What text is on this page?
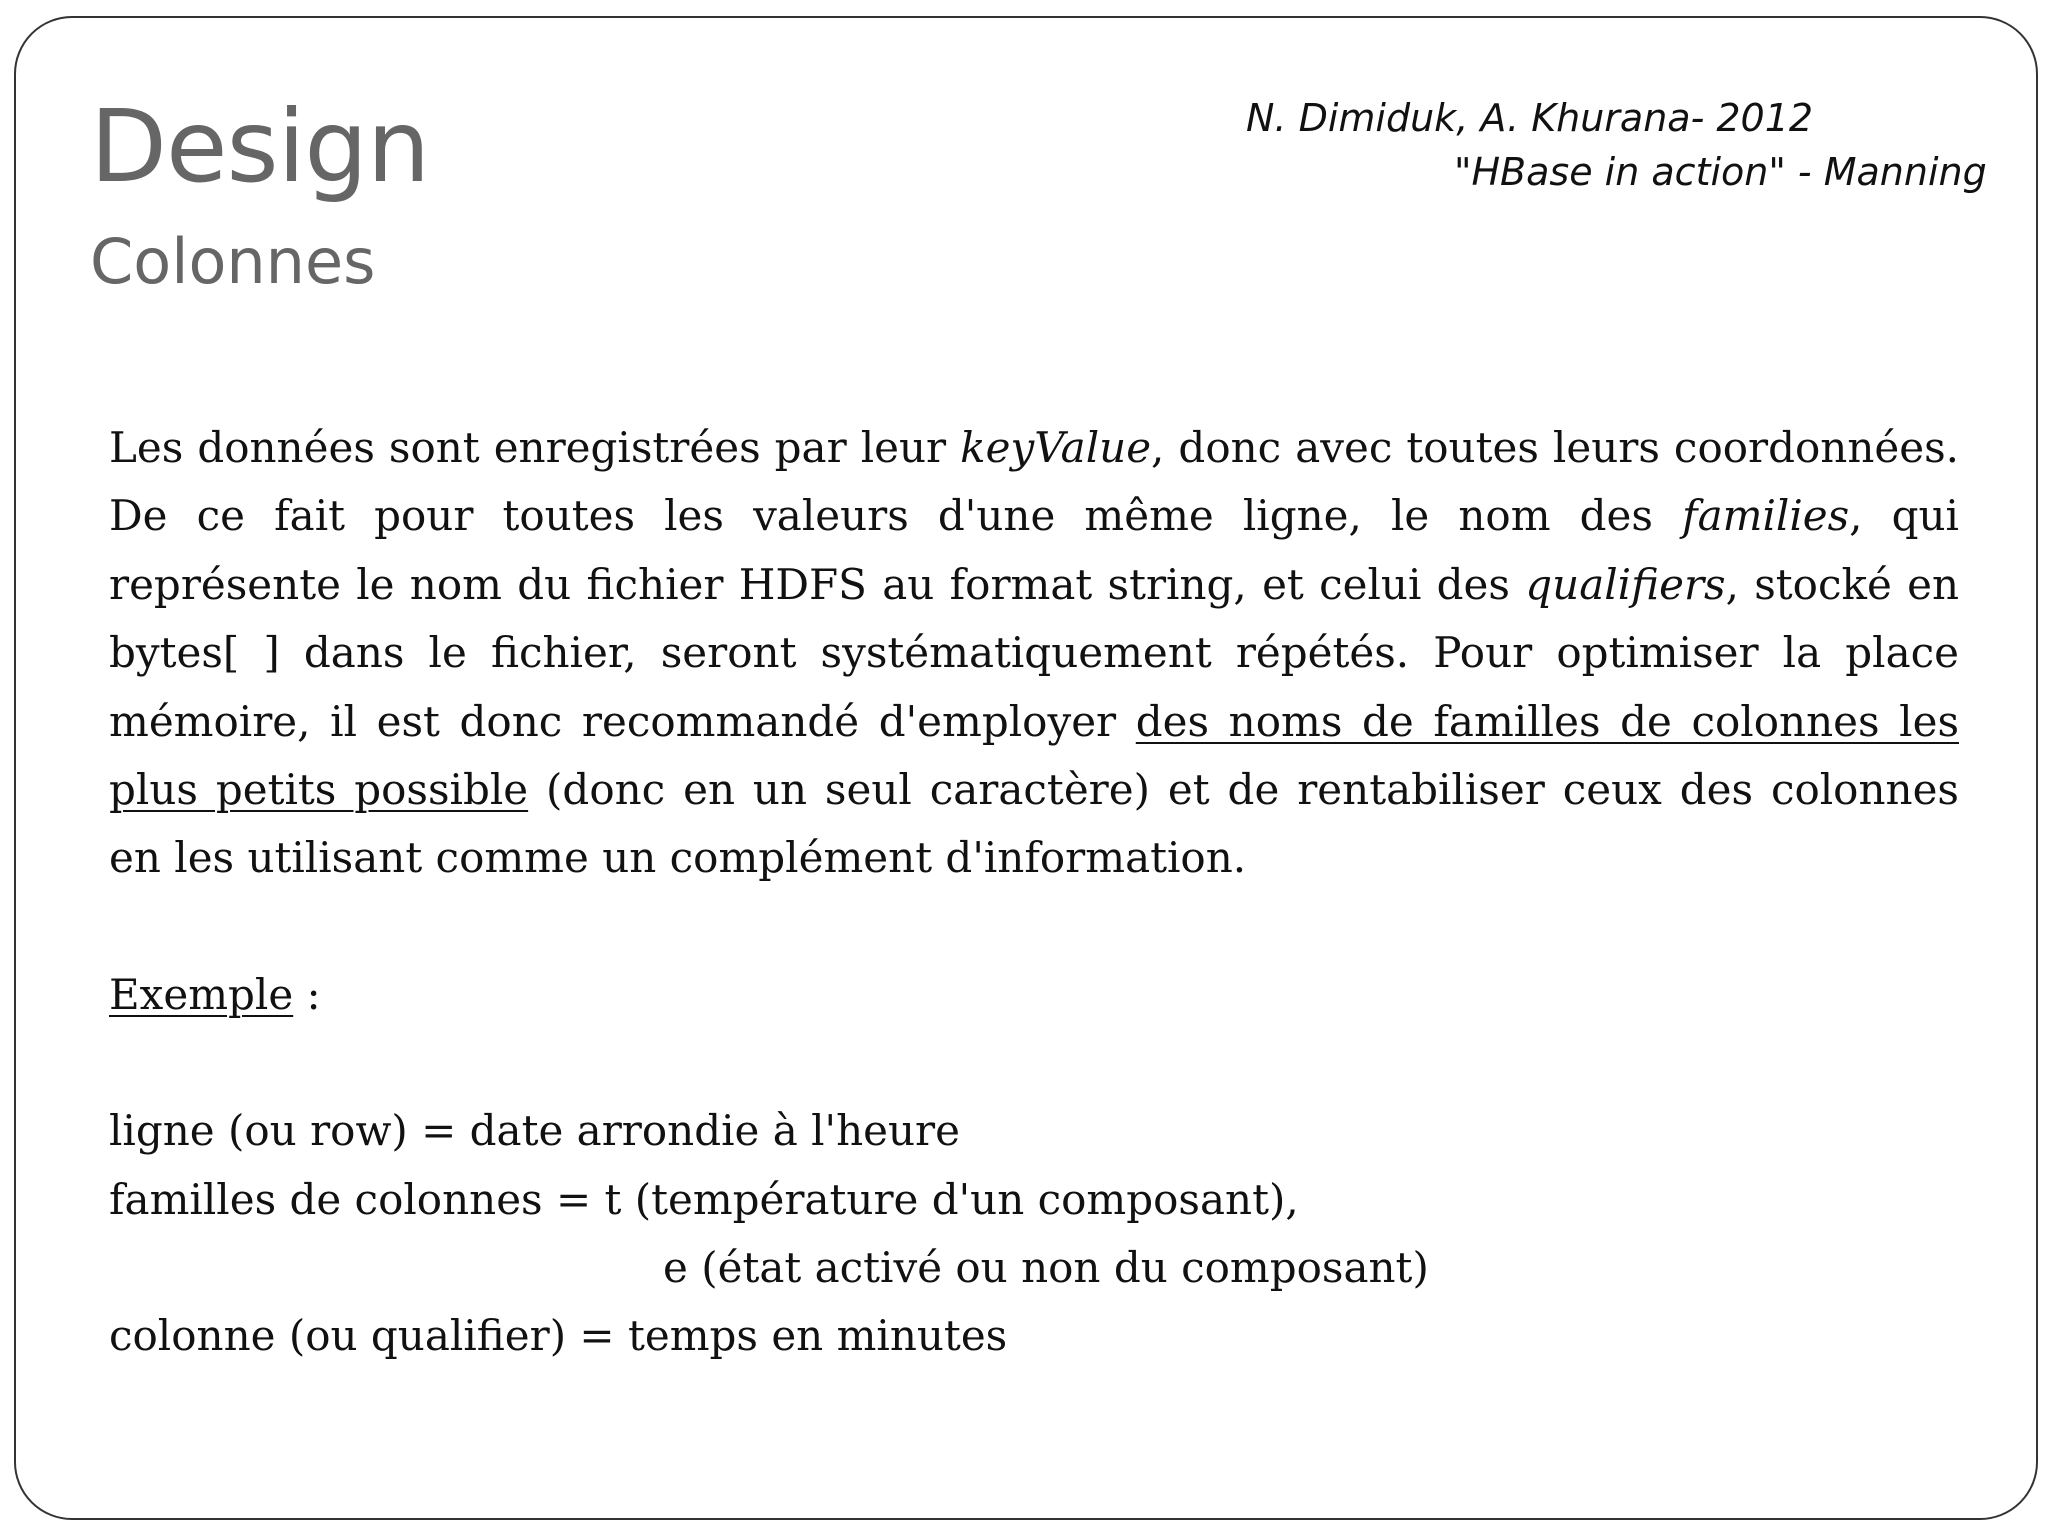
Design
Colonnes
N. Dimiduk, A. Khurana- 2012
"HBase in action" - Manning

Les données sont enregistrées par leur keyValue, donc avec toutes leurs coordonnées. De ce fait pour toutes les valeurs d'une même ligne, le nom des families, qui représente le nom du fichier HDFS au format string, et celui des qualifiers, stocké en bytes[ ] dans le fichier, seront systématiquement répétés. Pour optimiser la place mémoire, il est donc recommandé d'employer des noms de familles de colonnes les plus petits possible (donc en un seul caractère) et de rentabiliser ceux des colonnes en les utilisant comme un complément d'information.

Exemple :

ligne (ou row) = date arrondie à l'heure

familles de colonnes = t (température d'un composant),

e (état activé ou non du composant)

colonne (ou qualifier) = temps en minutes
